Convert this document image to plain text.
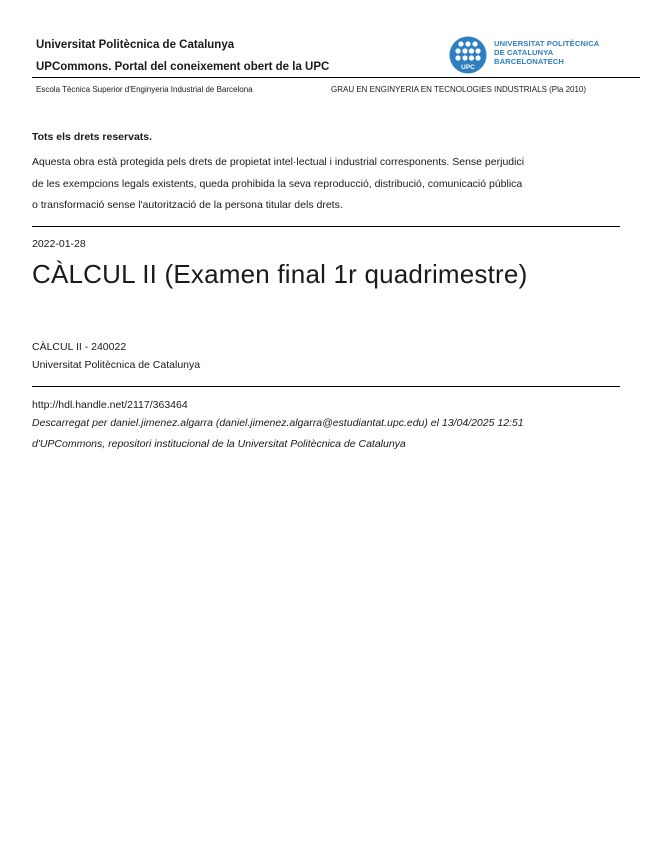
Universitat Politècnica de Catalunya
UPCommons. Portal del coneixement obert de la UPC	UPC
UNIVERSITAT POLITÈCNICA
DE CATALUNYA
BARCELONATECH
Escola Tècnica Superior d'Enginyeria Industrial de Barcelona	GRAU EN ENGINYERIA EN TECNOLOGIES INDUSTRIALS (Pla 2010)
Tots els drets reservats.
Aquesta obra està protegida pels drets de propietat intel·lectual i industrial corresponents. Sense perjudici
de les exempcions legals existents, queda prohibida la seva reproducció, distribució, comunicació pública
o transformació sense l'autorització de la persona titular dels drets.
2022-01-28
CÀLCUL II (Examen final 1r quadrimestre)
CÀLCUL II - 240022
Universitat Politècnica de Catalunya
http://hdl.handle.net/2117/363464
Descarregat per daniel.jimenez.algarra (daniel.jimenez.algarra@estudiantat.upc.edu) el 13/04/2025 12:51
d'UPCommons, repositori institucional de la Universitat Politècnica de Catalunya
